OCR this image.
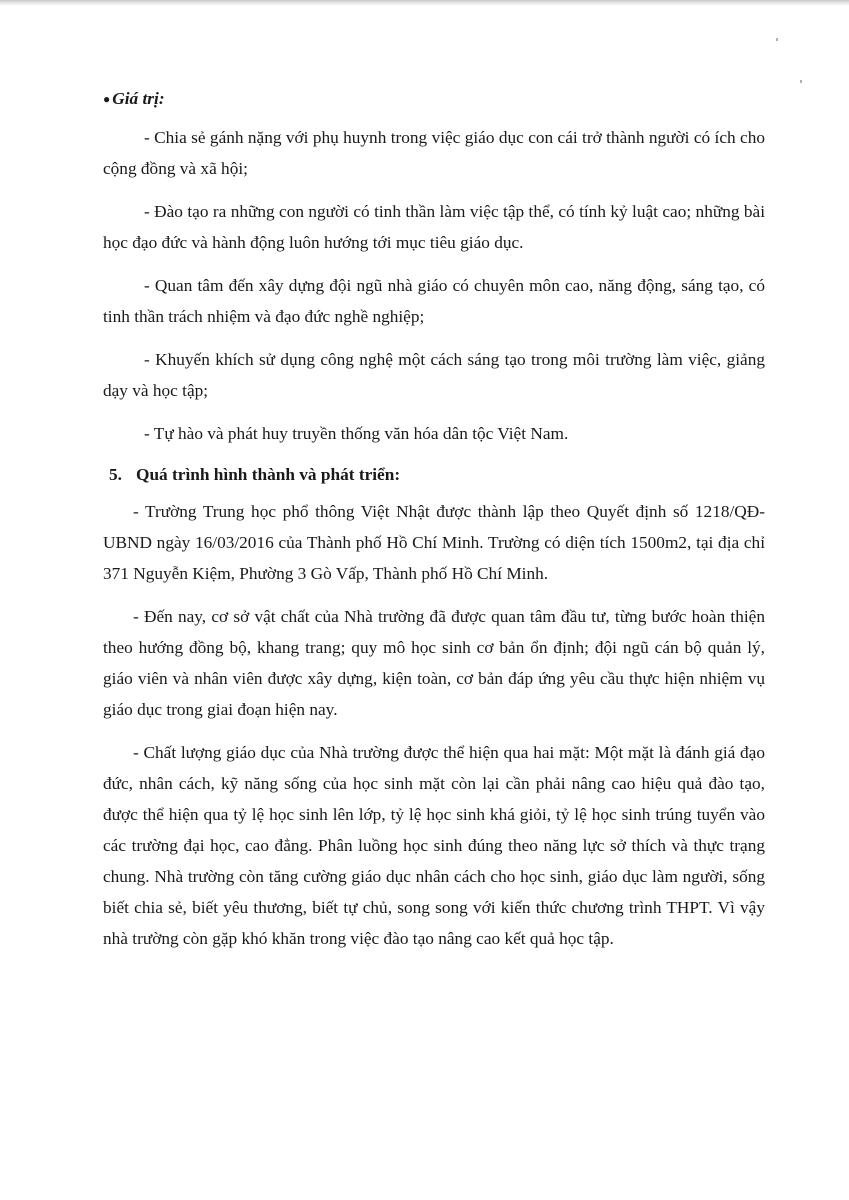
● Giá trị:

- Chia sẻ gánh nặng với phụ huynh trong việc giáo dục con cái trở thành người có ích cho cộng đồng và xã hội;

- Đào tạo ra những con người có tinh thần làm việc tập thể, có tính kỷ luật cao; những bài học đạo đức và hành động luôn hướng tới mục tiêu giáo dục.

- Quan tâm đến xây dựng đội ngũ nhà giáo có chuyên môn cao, năng động, sáng tạo, có tinh thần trách nhiệm và đạo đức nghề nghiệp;

- Khuyến khích sử dụng công nghệ một cách sáng tạo trong môi trường làm việc, giảng dạy và học tập;

- Tự hào và phát huy truyền thống văn hóa dân tộc Việt Nam.

5. Quá trình hình thành và phát triển:

- Trường Trung học phổ thông Việt Nhật được thành lập theo Quyết định số 1218/QĐ-UBND ngày 16/03/2016 của Thành phố Hồ Chí Minh. Trường có diện tích 1500m2, tại địa chỉ 371 Nguyễn Kiệm, Phường 3 Gò Vấp, Thành phố Hồ Chí Minh.

- Đến nay, cơ sở vật chất của Nhà trường đã được quan tâm đầu tư, từng bước hoàn thiện theo hướng đồng bộ, khang trang; quy mô học sinh cơ bản ổn định; đội ngũ cán bộ quản lý, giáo viên và nhân viên được xây dựng, kiện toàn, cơ bản đáp ứng yêu cầu thực hiện nhiệm vụ giáo dục trong giai đoạn hiện nay.

- Chất lượng giáo dục của Nhà trường được thể hiện qua hai mặt: Một mặt là đánh giá đạo đức, nhân cách, kỹ năng sống của học sinh mặt còn lại cần phải nâng cao hiệu quả đào tạo, được thể hiện qua tỷ lệ học sinh lên lớp, tỷ lệ học sinh khá giỏi, tỷ lệ học sinh trúng tuyển vào các trường đại học, cao đẳng. Phân luồng học sinh đúng theo năng lực sở thích và thực trạng chung. Nhà trường còn tăng cường giáo dục nhân cách cho học sinh, giáo dục làm người, sống biết chia sẻ, biết yêu thương, biết tự chủ, song song với kiến thức chương trình THPT. Vì vậy nhà trường còn gặp khó khăn trong việc đào tạo nâng cao kết quả học tập.
